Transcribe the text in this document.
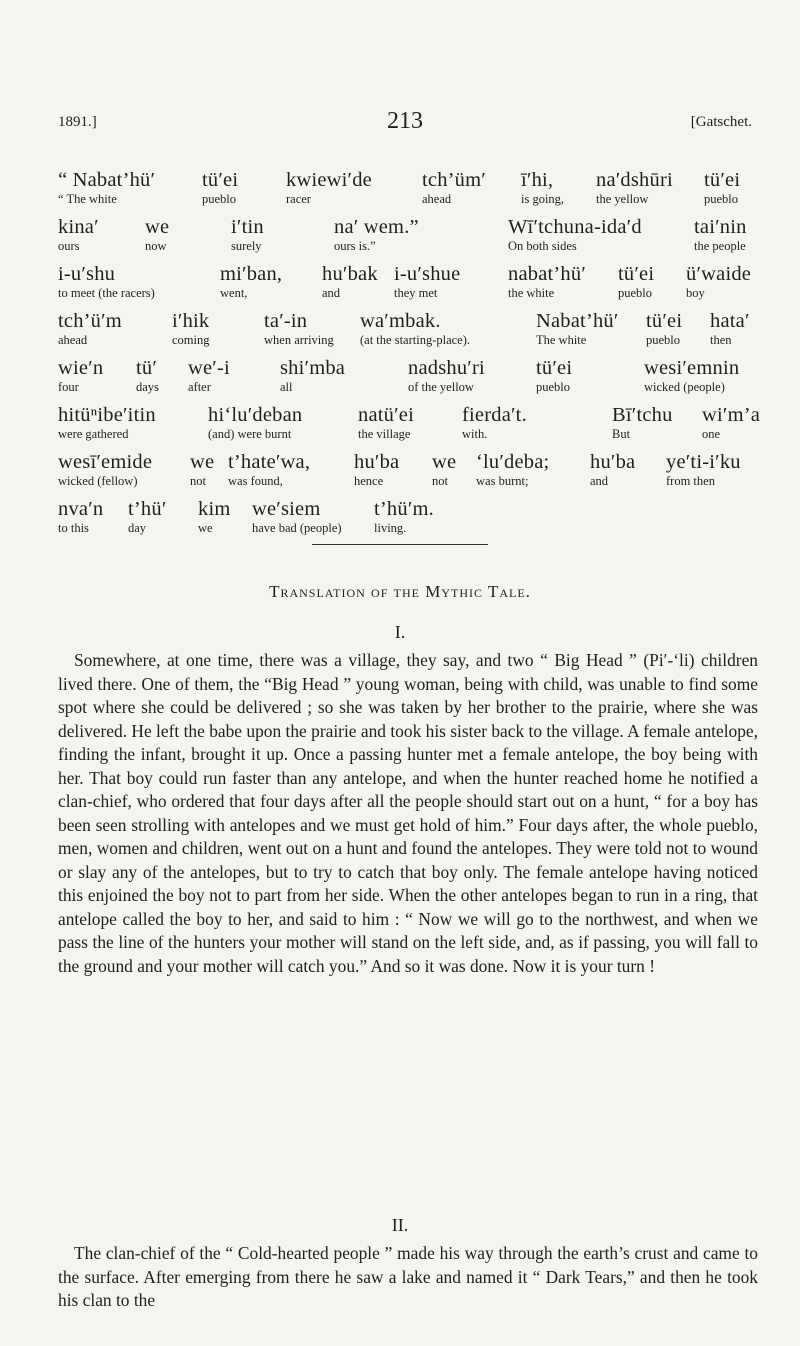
1891.]	213	[Gatschet.
“ Nabat’hü′
“ The white
tü′ei
pueblo
kwiewi′de
racer
tch’üm′
ahead
ī′hi,
is going,
na′dshūri
the yellow
tü′ei
pueblo
kina′
ours
we
now
i′tin
surely
na′ wem.”
ours is.”
Wī′tchuna-ida′d
On both sides
tai′nin
the people
i-u′shu
to meet (the racers)
mi′ban,
went,
hu′bak
and
i-u′shue
they met
nabat’hü′
the white
tü′ei
pueblo
ü′waide
boy
tch’ü′m
ahead
i′hik
coming
ta′-in
when arriving
wa′mbak.
(at the starting-place).
Nabat’hü′
The white
tü′ei
pueblo
hata′
then
wie′n
four
tü′
days
we′-i
after
shi′mba
all
nadshu′ri
of the yellow
tü′ei
pueblo
wesi′emnin
wicked (people)
hitüⁿibe′itin
were gathered
hi‘lu′deban
(and) were burnt
natü′ei
the village
fierda′t.
with.
Bī′tchu
But
wi′m’a
one
wesī′emide
wicked (fellow)
we
not
t’hate′wa,
was found,
hu′ba
hence
we
not
‘lu′deba;
was burnt;
hu′ba
and
ye′ti-i′ku
from then
nva′n
to this
t’hü′
day
kim
we
we′siem
have bad (people)
t’hü′m.
living.
Translation of the Mythic Tale.
I.

Somewhere, at one time, there was a village, they say, and two “ Big Head ” (Pi′-‘li) children lived there. One of them, the “Big Head ” young woman, being with child, was unable to find some spot where she could be delivered ; so she was taken by her brother to the prairie, where she was delivered. He left the babe upon the prairie and took his sister back to the village. A female antelope, finding the infant, brought it up. Once a passing hunter met a female antelope, the boy being with her. That boy could run faster than any antelope, and when the hunter reached home he notified a clan-chief, who ordered that four days after all the people should start out on a hunt, “ for a boy has been seen strolling with antelopes and we must get hold of him.” Four days after, the whole pueblo, men, women and children, went out on a hunt and found the antelopes. They were told not to wound or slay any of the antelopes, but to try to catch that boy only. The female antelope having noticed this enjoined the boy not to part from her side. When the other antelopes began to run in a ring, that antelope called the boy to her, and said to him : “ Now we will go to the northwest, and when we pass the line of the hunters your mother will stand on the left side, and, as if passing, you will fall to the ground and your mother will catch you.” And so it was done. Now it is your turn !

II.

The clan-chief of the “ Cold-hearted people ” made his way through the earth’s crust and came to the surface. After emerging from there he saw a lake and named it “ Dark Tears,” and then he took his clan to the
